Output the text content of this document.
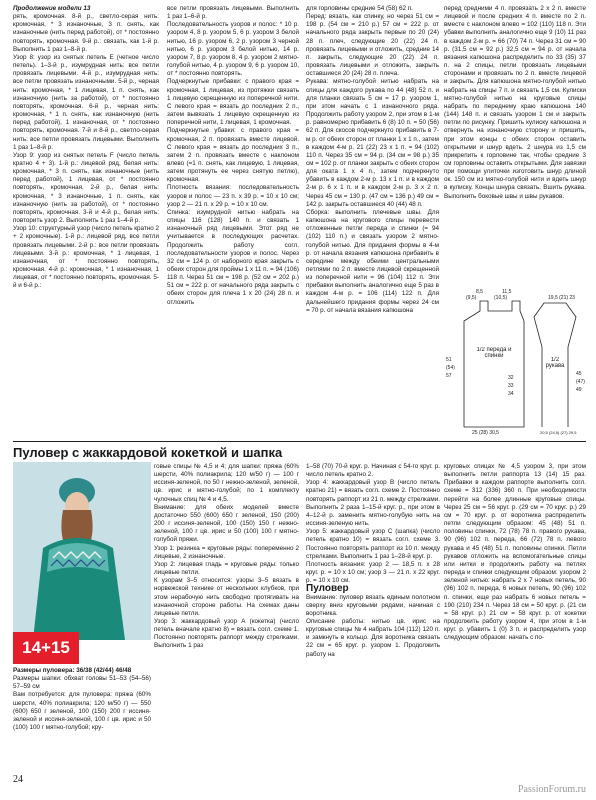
Продолжение модели 13

рять, кромочная. 8-й р., светло-серая нить: кромочная, * 3 изнаночные, 3 п. снять, как изнаночные (нить перед работой), от * постоянно повторять, кромочная. 9-й р.: связать, как 1-й р. Выполнить 1 раз 1–8-й р.

Узор 8: узор из снятых петель Е (четное число петель). 1–3-й р., изумрудная нить: все петли провязать лицевыми. 4-й р., изумрудная нить: все петли провязать изнаночными. 5-й р., черная нить: кромочная, * 1 лицевая, 1 п. снять, как изнаночную (нить за работой), от * постоянно повторять, кромочная. 6-й р., черная нить: кромочная, * 1 п. снять, как изнаночную (нить перед работой), 1 изнаночная, от * постоянно повторять, кромочная. 7-й и 8-й р., светло-серая нить: все петли провязать лицевыми. Выполнить 1 раз 1–8-й р.

Узор 9: узор из снятых петель F (число петель кратно 4 + 3). 1-й р.: лицевой ряд, белая нить: кромочная, * 3 п. снять, как изнаночные (нить перед работой), 1 лицевая, от * постоянно повторять, кромочная. 2-й р., белая нить: кромочная, * 3 изнаночные, 1 п. снять, как изнаночную (нить за работой), от * постоянно повторять, кромочная. 3-й и 4-й р., белая нить: повторить узор 2. Выполнить 1 раз 1–4-й р.

Узор 10: структурный узор (число петель кратно 2 + 2 кромочные). 1-й р.: лицевой ряд, все петли провязать лицевыми. 2-й р.: все петли провязать лицевыми. 3-й р.: кромочная, * 1 лицевая, 1 изнаночная, от * постоянно повторять, кромочная. 4-й р.: кромочная, * 1 изнаночная, 1 лицевая, от * постоянно повторять, кромочная. 5-й и 6-й р.:

все петли провязать лицевыми. Выполнить 1 раз 1–6-й р.

Последовательность узоров и полос: * 10 р. узором 4, 8 р. узором 5, 6 р. узором 3 белой нитью, 16 р. узором 6, 2 р. узором 3 черной нитью, 6 р. узором 3 белой нитью, 14 р. узором 7, 8 р. узором 8, 4 р. узором 2 мятно-голубой нитью, 4 р. узором 9, 6 р. узором 10, от * постоянно повторять.

Подчеркнутые прибавки: с правого края = кромочная, 1 лицевая, из протяжки связать 1 лицевую скрещенную из поперечной нити. С левого края = вязать до последних 2 п., затем вывязать 1 лицевую скрещенную из поперечной нити, 1 лицевая, 1 кромочная.

Подчеркнутые убавки: с правого края = кромочная, 2 п. провязать вместе лицевой. С левого края = вязать до последних 3 п., затем 2 п. провязать вместе с наклоном влево (=1 п. снять, как лицевую, 1 лицевая, затем протянуть ее через снятую петлю), кромочная.

Плотность вязания: последовательность узоров и полос — 23 п. х 39 р. = 10 х 10 см; узор 2 — 21 п. х 29 р. = 10 х 10 см.

Спинка: изумрудной нитью набрать на спицы 116 (128) 140 п. и связать 1 изнаночный ряд лицевыми. Этот ряд не учитывается в последующих расчетах. Продолжить работу согл. последовательности узоров и полос. Через 32 см = 124 р. от наборного края закрыть с обеих сторон для проймы 1 х 11 п. = 94 (106) 118 п. Через 51 см = 198 р. (52 см = 202 р.) 51 см = 222 р. от начального ряда закрыть с обеих сторон для плеча 1 х 20 (24) 28 п. и отложить

для горловины средние 54 (58) 62 п.

Перед: вязать, как спинку, но через 51 см = 198 р. (54 см = 210 р.) 57 см = 222 р. от начального ряда закрыть первые по 20 (24) 28 п. плеч, следующие 20 (22) 24 п. провязать лицевыми и отложить, средние 14 п. закрыть, следующие 20 (22) 24 п. провязать лицевыми и отложить, закрыть оставшиеся 20 (24) 28 п. плеча.

Рукава: мятно-голубой нитью набрать на спицы для каждого рукава по 44 (48) 52 п. и для планки связать 5 см = 17 р. узором 1, при этом начать с 1 изнаночного ряда. Продолжить работу узором 2, при этом в 1-м р. равномерно прибавить 6 (8) 10 п. = 50 (56) 62 п. Для скосов подчеркнуто прибавить в 7-м р. от обеих сторон от планки 1 х 1 п., затем в каждом 4-м р. 21 (22) 23 х 1 п. = 94 (102) 110 п. Через 35 см = 94 р. (34 см = 98 р.) 35 см = 102 р. от планки закрыть с обеих сторон для оката 1 х 4 п., затем подчеркнуто убавить в каждом 2-м р. 13 х 1 п. и в каждом 2-м р. 6 х 1 п. и в каждом 2-м р. 3 х 2 п. Через 45 см = 130 р. (47 см = 136 р.) 49 см = 142 р. закрыть оставшиеся 40 (44) 48 п.

Сборка: выполнить плечевые швы. Для капюшона на кругового спицы перевести отложенные петли переда и спинки (= 94 (102) 110 п.) и связать узором 2 мятно-голубой нитью. Для придания формы в 4-м р. от начала вязания капюшона прибавить в середине между обеими центральными петлями по 2 п. вместе лицевой скрещенной из поперечной нити = 96 (104) 112 п. Эти прибавки выполнить аналогично еще 5 раз в каждом 4-м р. = 106 (114) 122 п. Для дальнейшего придания формы через 24 см = 70 р. от начала вязания капюшона

перед средними 4 п. провязать 2 х 2 п. вместе лицевой и после средних 4 п. вместе по 2 п. вместе с наклоном влево = 102 (110) 118 п. Эти убавки выполнить аналогично еще 9 (10) 11 раз в каждом 2-м р. = 66 (70) 74 п. Через 31 см = 90 р. (31,5 см = 92 р.) 32,5 см = 94 р. от начала вязания капюшона распределить по 33 (35) 37 п. на 2 спицы, петли провязать лицевыми сторонами и провязать по 2 п. вместе лицевой и закрыть. Для капюшона мятно-голубой нитью набрать на спицы 7 п. и связать 1,5 см. Кулиски мятно-голубой нитью на круговые спицы набрать по переднему краю капюшона 140 (144) 148 п. и связать узором 1 см и закрыть петли по рисунку. Пришить кулиску капюшона и отвернуть на изнаночную сторону и пришить, при этом концы с обеих сторон оставить открытыми и шнур вдеть. 2 шнура из 1,5 см прикрепить к горловине так, чтобы средние 3 см горловины оставить открытыми. Для завязки при помощи улиточки изготовить шнур длиной ок. 150 см из мятно-голубой нити и вдеть шнур в кулиску. Концы шнура связать. Вшить рукава. Выполнить боковые швы и швы рукавов.

8,5	11,5
(9,5)	(10,5)
51
(54)
57	32
33
34
19,5 (21) 23
45
(47)
49
25 (28) 30,5	20,5 (24,5) (27) 29,5
1/2 переда и спинки
1/2 рукава
Пуловер с жаккардовой кокеткой и шапка
14+15

Размеры пуловера: 36/38 (42/44) 46/48

Размеры шапки: обхват головы 51–53 (54–56) 57–59 см

Вам потребуется: для пуловера: пряжа (60% шерсти, 40% полиакрила; 120 м/50 г) — 550 (600) 650 г зеленой, 100 (150) 200 г иссиня-зеленой и иссиня-зеленой, 100 г цв. ирис и 50 (100) 100 г мятно-голубой; кру-

говые спицы № 4,5 и 4; для шапки: пряжа (60% шерсти, 40% полиакрила; 120 м/50 г) — 100 г иссиня-зеленой, по 50 г нежно-зеленой, зеленой, цв. ирис и мятно-голубой; по 1 комплекту чулочных спиц № 4 и 4,5.

Внимание: для обеих моделей вместе достаточно 550 (600) 650 г зеленой, 150 (200) 200 г иссиня-зеленой, 100 (150) 150 г нежно-зеленой, 100 г цв. ирис и 50 (100) 100 г мятно-голубой пряжи.

Узор 1: резинка = круговые ряды: попеременно 2 лицевые, 2 изнаночные.

Узор 2: лицевая гладь = круговые ряды: только лицевые петли.

К узорам 3–5 относится: узоры 3–5 вязать в норвежской технике от нескольких клубков, при этом нерабочую нить свободно протягивать на изнаночной стороне работы. На схемах даны лицевые петли.

Узор 3: жаккардовый узор А (кокетка) (число петель вначале кратно 8) = вязать согл. схеме 1. Постоянно повторять раппорт между стрелками. Выполнить 1 раз

1–58 (70) 70-й круг. р. Начиная с 54-го круг. р. число петель кратно 2.

Узор 4: жаккардовый узор В (число петель кратно 21) = вязать согл. схеме 2. Постоянно повторять раппорт из 21 п. между стрелками. Выполнить 2 раза 1–15-й круг. р., при этом в 4–12-й р. заменить мятно-голубую нить на иссиня-зеленую нить.

Узор 5: жаккардовый узор С (шапка) (число петель кратно 10) = вязать согл. схеме 3. Постоянно повторять раппорт из 10 п. между стрелками. Выполнить 1 раз 1–28-й круг. р.

Плотность вязания: узор 2 — 18,5 п. х 28 круг. р. = 10 х 10 см; узор 3 — 21 п. х 22 круг. р. = 10 х 10 см.

Пуловер

Внимание: пуловер вязать единым полотном сверху вниз круговыми рядами, начиная с воротника.

Описание работы: нитью цв. ирис на круговые спицы № 4 набрать 104 (112) 120 п. и замкнуть в кольцо. Для воротника связать 22 см = 65 круг. р. узором 1. Продолжить работу на

круговых спицах № 4,5 узором 3, при этом выполнить петли раппорта 13 (14) 15 раз. Прибавки в каждом раппорте выполнить согл. схеме = 312 (336) 360 п. При необходимости перейти на более длинные круговые спицы. Через 25 см = 56 круг. р. (29 см = 70 круг. р.) 29 см = 70 круг. р. от воротника распределить петли следующим образом: 45 (48) 51 п. половины спинки, 72 (78) 78 п. правого рукава, 90 (96) 102 п. переда, 66 (72) 78 п. левого рукава и 45 (48) 51 п. половины спинки. Петли рукавов отложить на вспомогательные спицы или нитки и продолжить работу на петлях переда и спинки следующим образом: узором 2 зеленой нитью: набрать 2 х 7 новых петель, 90 (96) 102 п. переда, 6 новых петель, 90 (96) 102 п. спинки, еще раз набрать 6 новых петель = 190 (210) 234 п. Через 18 см = 50 круг. р. (21 см = 58 круг. р.) 21 см = 58 круг. р. от кокетки продолжить работу узором 4, при этом в 1-м круг. р. убавить 1 (0) 3 п. и распределить узор следующим образом: начать с по-

24
PassionForum.ru
